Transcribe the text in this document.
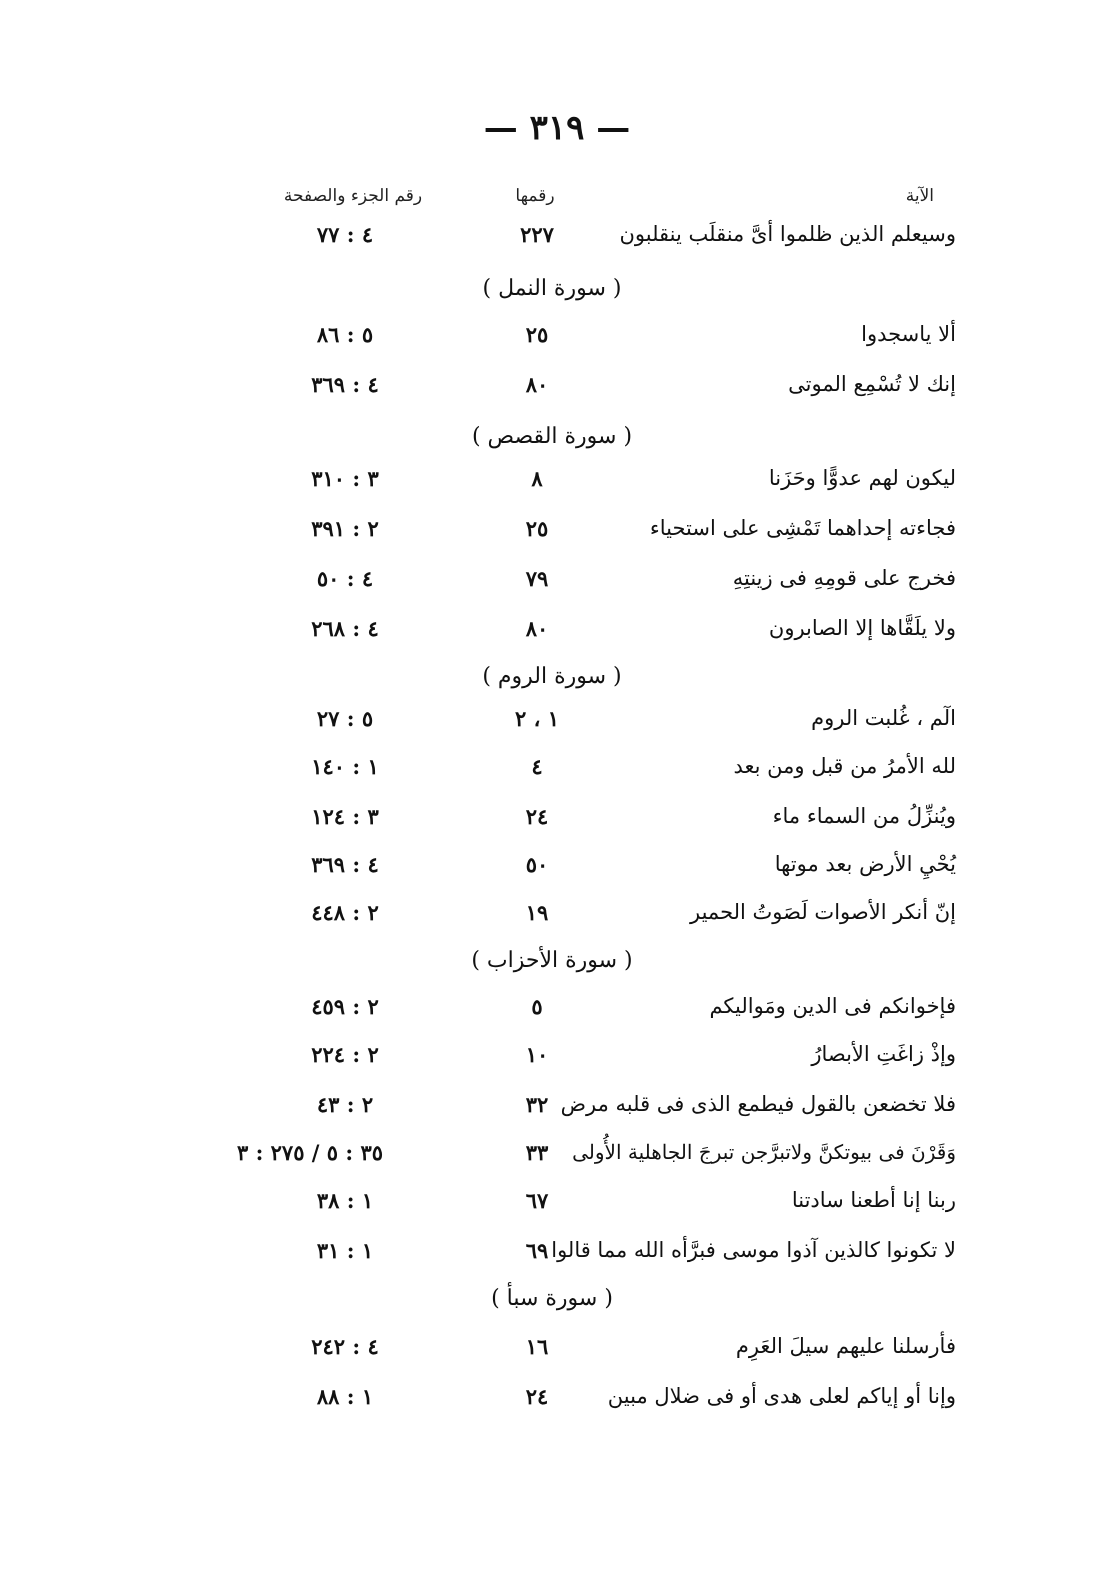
— ٣١٩ —
الآية
رقمها
رقم الجزء والصفحة
وسيعلم الذين ظلموا أىَّ منقلَب ينقلبون
٢٢٧
٤ : ٧٧
( سورة النمل )
ألا ياسجدوا
٢٥
٥ : ٨٦
إنك لا تُسْمِع الموتى
٨٠
٤ : ٣٦٩
( سورة القصص )
ليكون لهم عدوًّا وحَزَنا
٨
٣ : ٣١٠
فجاءته إحداهما تَمْشِى على استحياء
٢٥
٢ : ٣٩١
فخرج على قومِهِ فى زينتِهِ
٧٩
٤ : ٥٠
ولا يلَقَّاها إلا الصابرون
٨٠
٤ : ٢٦٨
( سورة الروم )
الٓم ، غُلبت الروم
١ ، ٢
٥ : ٢٧
لله الأمرُ من قبل ومن بعد
٤
١ : ١٤٠
ويُنزِّلُ من السماء ماء
٢٤
٣ : ١٢٤
يُحْيِ الأرض بعد موتها
٥٠
٤ : ٣٦٩
إنّ أنكر الأصوات لَصَوتُ الحمير
١٩
٢ : ٤٤٨
( سورة الأحزاب )
فإخوانكم فى الدين ومَواليكم
٥
٢ : ٤٥٩
وإذْ زاغَتِ الأبصارُ
١٠
٢ : ٢٢٤
فلا تخضعن بالقول فيطمع الذى فى قلبه مرض
٣٢
٢ : ٤٣
وَقَرْنَ فى بيوتكنَّ ولاتبرَّجن تبرجَ الجاهلية الأُولى
٣٣
٣٥ : ٥ / ٢٧٥ : ٣
ربنا إنا أطعنا سادتنا
٦٧
١ : ٣٨
لا تكونوا كالذين آذوا موسى فبرَّأه الله مما قالوا
٦٩
١ : ٣١
( سورة سبأ )
فأرسلنا عليهم سيلَ العَرِم
١٦
٤ : ٢٤٢
وإنا أو إياكم لعلى هدى أو فى ضلال مبين
٢٤
١ : ٨٨
